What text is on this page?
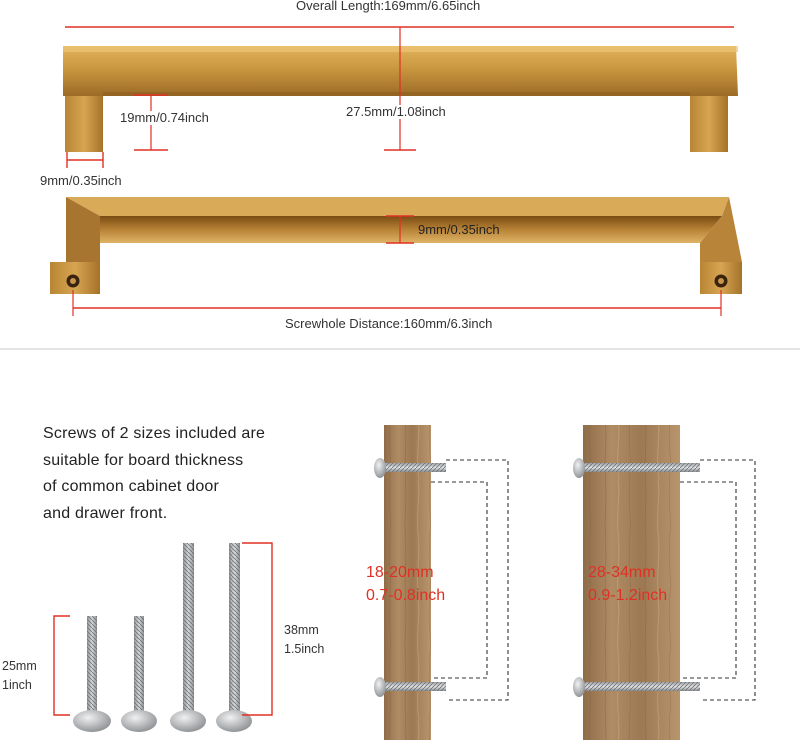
Overall Length:169mm/6.65inch
19mm/0.74inch	27.5mm/1.08inch
9mm/0.35inch
9mm/0.35inch
Screwhole Distance:160mm/6.3inch
Screws of 2 sizes included are
suitable for board thickness
of common cabinet door
and drawer front.
25mm
1inch
38mm
1.5inch
18-20mm
0.7-0.8inch
28-34mm
0.9-1.2inch
